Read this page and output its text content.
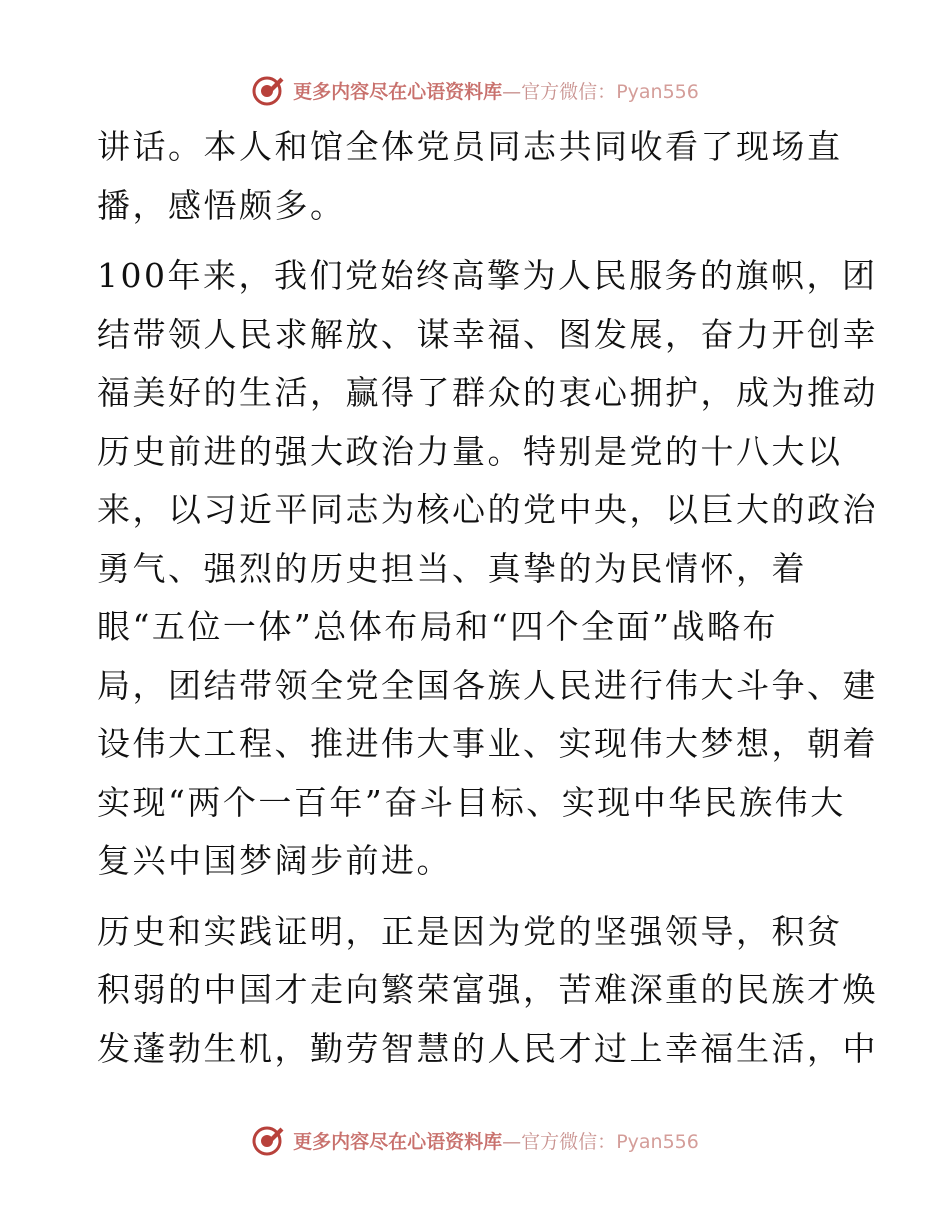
更多内容尽在心语资料库—官方微信：Pyan556

讲话。本人和馆全体党员同志共同收看了现场直
播，感悟颇多。

100年来，我们党始终高擎为人民服务的旗帜，团
结带领人民求解放、谋幸福、图发展，奋力开创幸
福美好的生活，赢得了群众的衷心拥护，成为推动
历史前进的强大政治力量。特别是党的十八大以
来，以习近平同志为核心的党中央，以巨大的政治
勇气、强烈的历史担当、真挚的为民情怀，着
眼“五位一体”总体布局和“四个全面”战略布
局，团结带领全党全国各族人民进行伟大斗争、建
设伟大工程、推进伟大事业、实现伟大梦想，朝着
实现“两个一百年”奋斗目标、实现中华民族伟大
复兴中国梦阔步前进。

历史和实践证明，正是因为党的坚强领导，积贫
积弱的中国才走向繁荣富强，苦难深重的民族才焕
发蓬勃生机，勤劳智慧的人民才过上幸福生活，中

更多内容尽在心语资料库—官方微信：Pyan556
